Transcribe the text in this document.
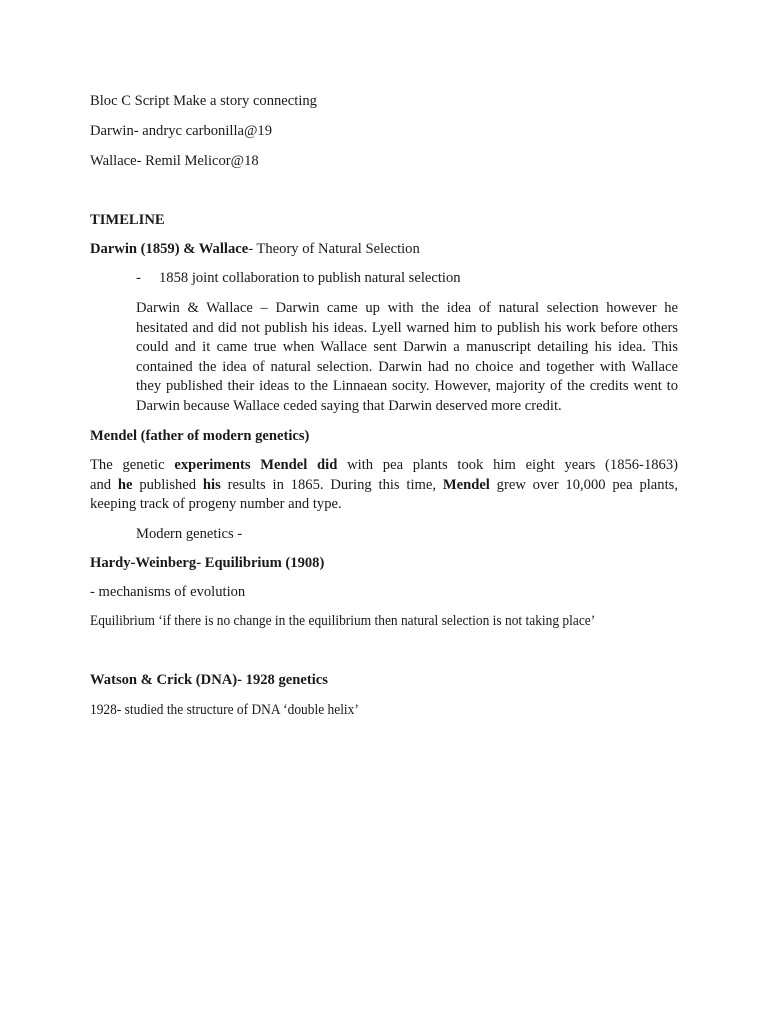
Bloc C Script Make a story connecting
Darwin- andryc carbonilla@19
Wallace- Remil Melicor@18
TIMELINE
Darwin (1859) & Wallace- Theory of Natural Selection
- 1858 joint collaboration to publish natural selection
Darwin & Wallace – Darwin came up with the idea of natural selection however he
hesitated and did not publish his ideas. Lyell warned him to publish his work before others
could and it came true when Wallace sent Darwin a manuscript detailing his idea. This
contained the idea of natural selection. Darwin had no choice and together with Wallace
they published their ideas to the Linnaean socity. However, majority of the credits went to
Darwin because Wallace ceded saying that Darwin deserved more credit.
Mendel (father of modern genetics)
The genetic experiments Mendel did with pea plants took him eight years (1856-1863)
and he published his results in 1865. During this time, Mendel grew over 10,000 pea plants,
keeping track of progeny number and type.
Modern genetics -
Hardy-Weinberg- Equilibrium (1908)
- mechanisms of evolution
Equilibrium ‘if there is no change in the equilibrium then natural selection is not taking place’
Watson & Crick (DNA)- 1928 genetics
1928- studied the structure of DNA ‘double helix’
